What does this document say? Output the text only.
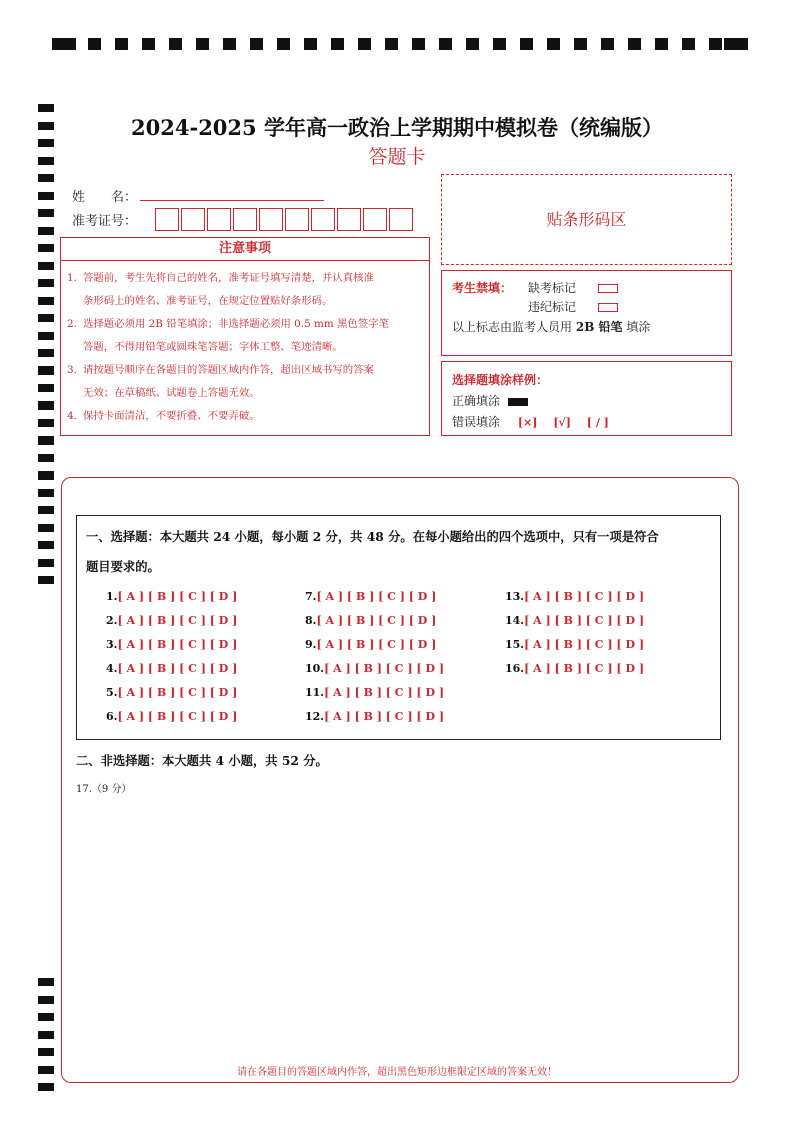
2024-2025 学年高一政治上学期期中模拟卷（统编版）
答题卡
姓　　名：
准考证号：	贴条形码区
注意事项
1. 答题前，考生先将自己的姓名，准考证号填写清楚，并认真核准
条形码上的姓名、准考证号，在规定位置贴好条形码。
2. 选择题必须用 2B 铅笔填涂；非选择题必须用 0.5 mm 黑色签字笔
答题，不得用铅笔或圆珠笔答题；字体工整、笔迹清晰。
3. 请按题号顺序在各题目的答题区域内作答，超出区域书写的答案
无效；在草稿纸、试题卷上答题无效。
4. 保持卡面清洁，不要折叠、不要弄破。
考生禁填： 缺考标记
违纪标记
以上标志由监考人员用 2B 铅笔 填涂
选择题填涂样例：
正确填涂
错误填涂 [×] [√] [ / ]
一、选择题：本大题共 24 小题，每小题 2 分，共 48 分。在每小题给出的四个选项中，只有一项是符合
题目要求的。
1.[ A ] [ B ] [ C ] [ D ]
2.[ A ] [ B ] [ C ] [ D ]
3.[ A ] [ B ] [ C ] [ D ]
4.[ A ] [ B ] [ C ] [ D ]
5.[ A ] [ B ] [ C ] [ D ]
6.[ A ] [ B ] [ C ] [ D ]
7.[ A ] [ B ] [ C ] [ D ]
8.[ A ] [ B ] [ C ] [ D ]
9.[ A ] [ B ] [ C ] [ D ]
10.[ A ] [ B ] [ C ] [ D ]
11.[ A ] [ B ] [ C ] [ D ]
12.[ A ] [ B ] [ C ] [ D ]
13.[ A ] [ B ] [ C ] [ D ]
14.[ A ] [ B ] [ C ] [ D ]
15.[ A ] [ B ] [ C ] [ D ]
16.[ A ] [ B ] [ C ] [ D ]
二、非选择题：本大题共 4 小题，共 52 分。
17.（9 分）
请在各题目的答题区域内作答，超出黑色矩形边框限定区域的答案无效！
